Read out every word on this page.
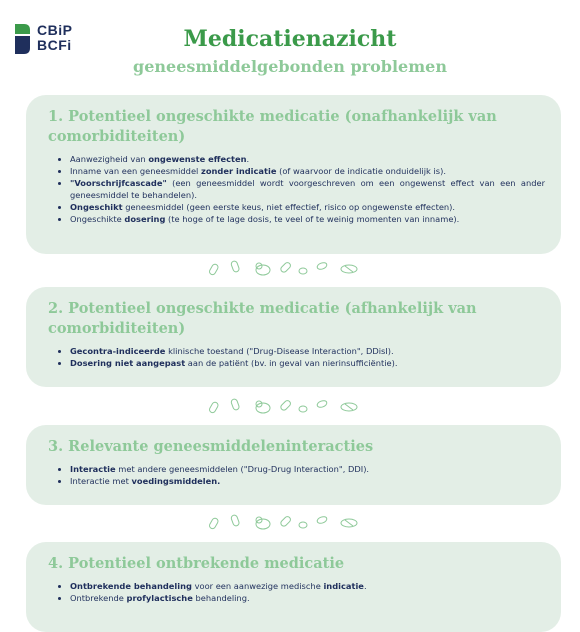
CBiP
BCFi	Medicatienazicht
geneesmiddelgebonden problemen
1. Potentieel ongeschikte medicatie (onafhankelijk van comorbiditeiten)
• Aanwezigheid van ongewenste effecten.
• Inname van een geneesmiddel zonder indicatie (of waarvoor de indicatie onduidelijk is).
• "Voorschrijfcascade" (een geneesmiddel wordt voorgeschreven om een ongewenst effect van een ander geneesmiddel te behandelen).
• Ongeschikt geneesmiddel (geen eerste keus, niet effectief, risico op ongewenste effecten).
• Ongeschikte dosering (te hoge of te lage dosis, te veel of te weinig momenten van inname).
2. Potentieel ongeschikte medicatie (afhankelijk van comorbiditeiten)
• Gecontra-indiceerde klinische toestand ("Drug-Disease Interaction", DDisI).
• Dosering niet aangepast aan de patiënt (bv. in geval van nierinsufficiëntie).
3. Relevante geneesmiddeleninteracties
• Interactie met andere geneesmiddelen ("Drug-Drug Interaction", DDI).
• Interactie met voedingsmiddelen.
4. Potentieel ontbrekende medicatie
• Ontbrekende behandeling voor een aanwezige medische indicatie.
• Ontbrekende profylactische behandeling.
